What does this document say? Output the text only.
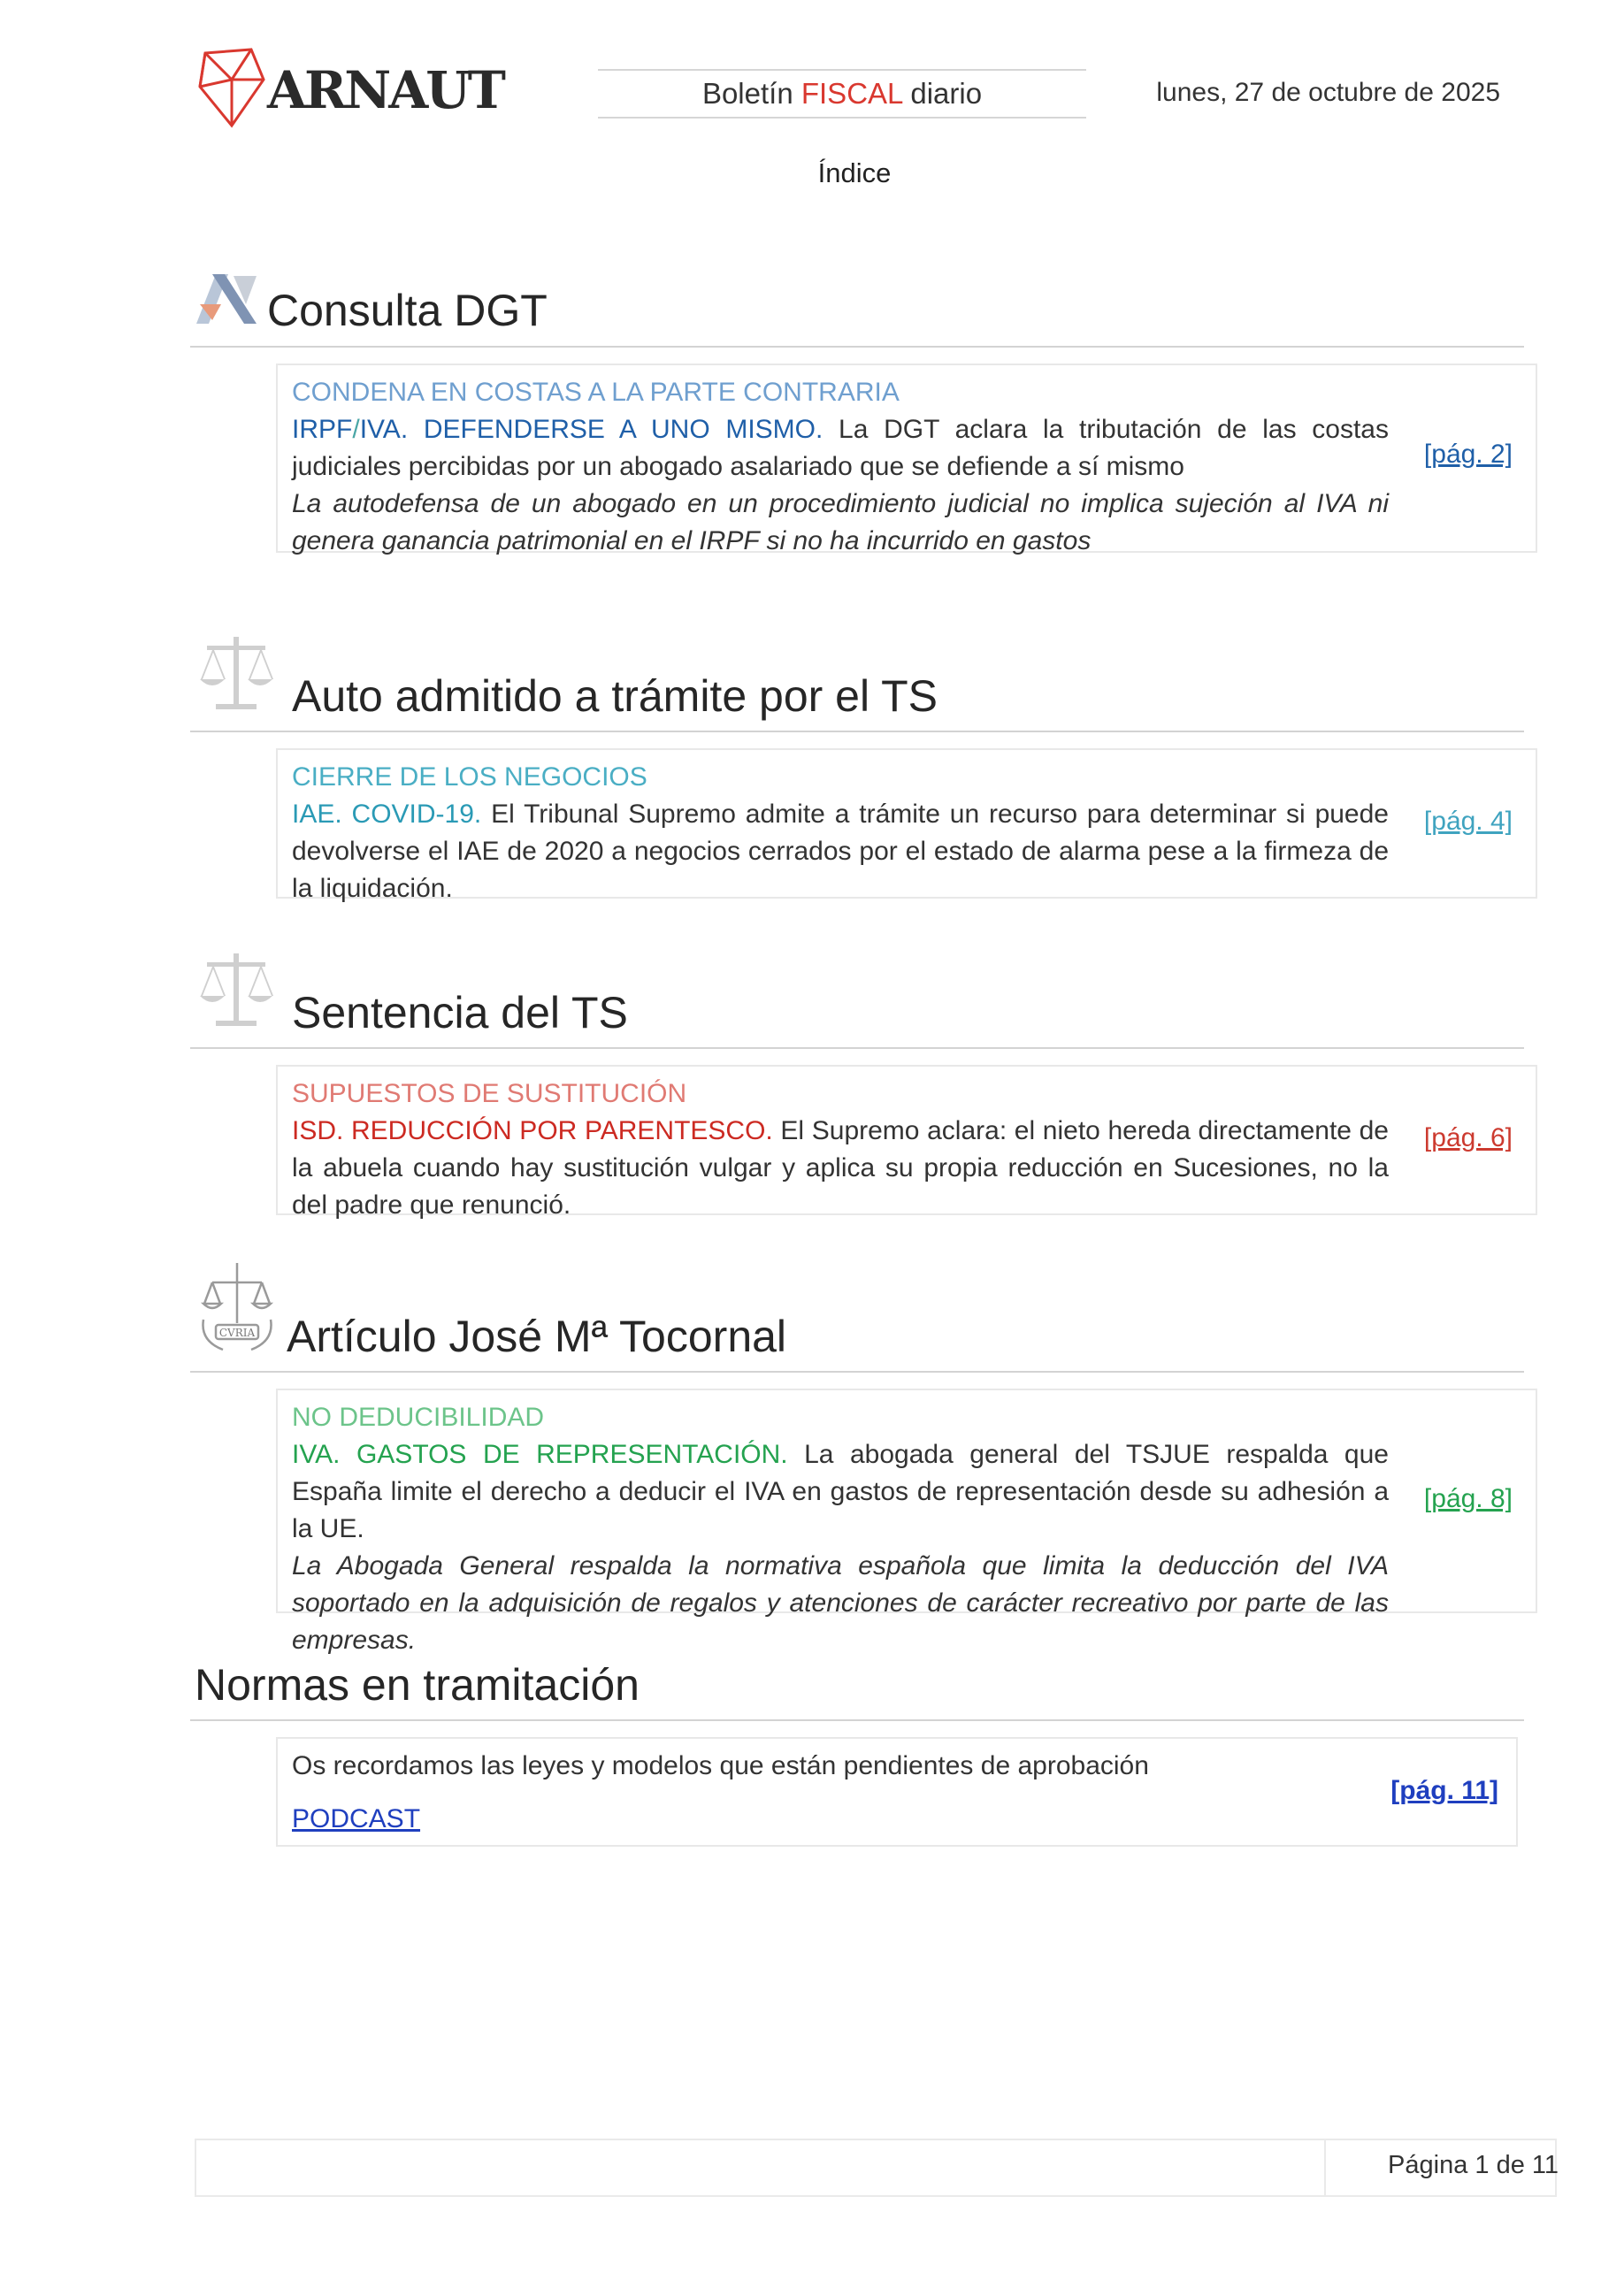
ARNAUT	Boletín FISCAL diario	lunes, 27 de octubre de 2025
Índice
Consulta DGT
CONDENA EN COSTAS A LA PARTE CONTRARIA
IRPF/IVA. DEFENDERSE A UNO MISMO. La DGT aclara la tributación de las costas judiciales percibidas por un abogado asalariado que se defiende a sí mismo
La autodefensa de un abogado en un procedimiento judicial no implica sujeción al IVA ni genera ganancia patrimonial en el IRPF si no ha incurrido en gastos
[pág. 2]
Auto admitido a trámite por el TS
CIERRE DE LOS NEGOCIOS
IAE. COVID-19. El Tribunal Supremo admite a trámite un recurso para determinar si puede devolverse el IAE de 2020 a negocios cerrados por el estado de alarma pese a la firmeza de la liquidación.
[pág. 4]
Sentencia del TS
SUPUESTOS DE SUSTITUCIÓN
ISD. REDUCCIÓN POR PARENTESCO. El Supremo aclara: el nieto hereda directamente de la abuela cuando hay sustitución vulgar y aplica su propia reducción en Sucesiones, no la del padre que renunció.
[pág. 6]
CVRIA Artículo José Mª Tocornal
NO DEDUCIBILIDAD
IVA. GASTOS DE REPRESENTACIÓN. La abogada general del TSJUE respalda que España limite el derecho a deducir el IVA en gastos de representación desde su adhesión a la UE.
La Abogada General respalda la normativa española que limita la deducción del IVA soportado en la adquisición de regalos y atenciones de carácter recreativo por parte de las empresas.
[pág. 8]
Normas en tramitación
Os recordamos las leyes y modelos que están pendientes de aprobación
PODCAST
[pág. 11]
Página 1 de 11
